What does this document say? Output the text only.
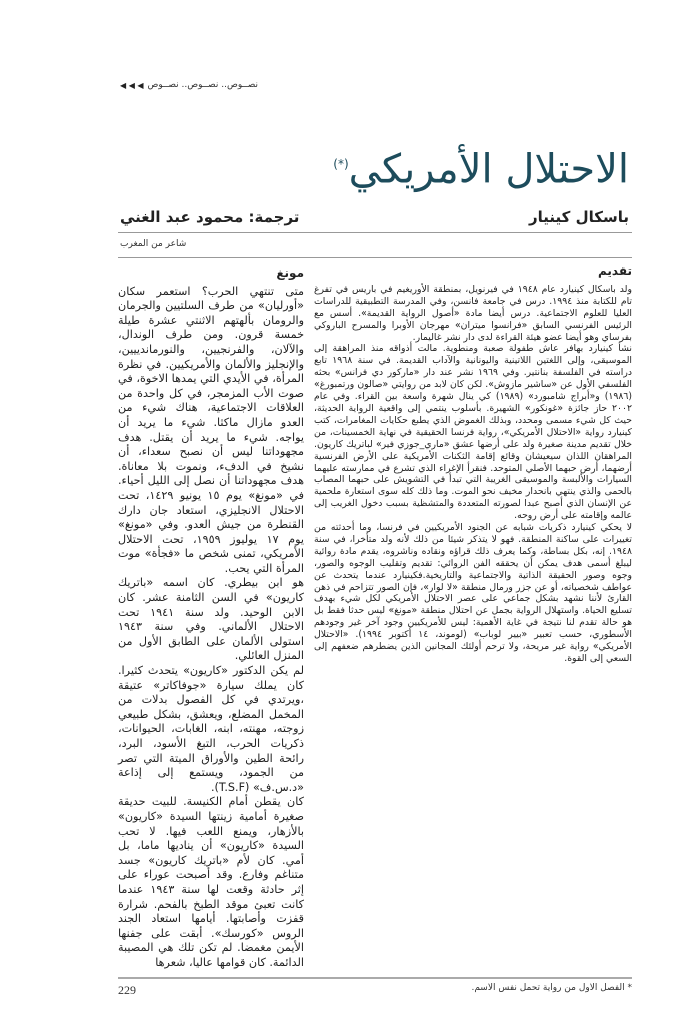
نصــوص.. نصــوص.. نصــوص
◀ ◀ ◀
الاحتلال الأمريكي(*)
باسكال كينيار
ترجمة: محمود عبد الغني
شاعر من المغرب
تقديم

ولد باسكال كينيارد عام ١٩٤٨ في فيرنويل، بمنطقة الأوريغيم في باريس في تفرغ تام للكتابة منذ ١٩٩٤. درس في جامعة فانسن، وفي المدرسة التطبيقية للدراسات العليا للعلوم الاجتماعية. درس أيضا مادة «أصول الرواية القديمة». أسس مع الرئيس الفرنسي السابق «فرانسوا ميتران» مهرجان الأوبرا والمسرح الباروكي بفرساي وهو أيضا عضو هيئة القراءة لدى دار نشر غاليمار.

نشأ كينيارد بهافر عاش طفولة صعبة ومنطوية. مالت أذواقه منذ المراهقة إلى الموسيقى، وإلى اللغتين اللاتينية واليونانية والآداب القديمة. في سنة ١٩٦٨ تابع دراسته في الفلسفة بنانتير. وفي ١٩٦٩ نشر عند دار «ماركور دي فرانس» بحثه الفلسفي الأول عن «ساشير مازوش». لكن كان لابد من روايتي «صالون ورتمبورغ» (١٩٨٦) و«أبراج شامبورد» (١٩٨٩) كي ينال شهرة واسعة بين القراء. وفي عام ٢٠٠٢ حاز جائزة «غونكور» الشهيرة. بأسلوب ينتمي إلى واقعية الرواية الحديثة، حيث كل شيء مسمى ومحدد، وبذلك الغموض الذي يطبع حكايات المغامرات، كتب كينيارد رواية «الاحتلال الأمريكي»، رواية فرنسا الحقيقية في نهاية الخمسينات، من خلال تقديم مدينة صغيرة ولد على أرضها عشق «ماري_جوزي فير» لباتريك كاريون. المراهقان اللذان سيعيشان وقائع إقامة الثكنات الأمريكية على الأرض الفرنسية أرضهما، أرض حبهما الأصلي المتوحد. فنقرأ الإغراء الذي تشرع في ممارسته عليهما السيارات والألبسة والموسيقى الغريبة التي تبدأ في التشويش على حبهما المصاب بالحمى والذي ينتهي بانحدار مخيف نحو الموت. وما ذلك كله سوى استعارة ملحمية عن الإنسان الذي أصبح عبدا لصورته المتعددة والمتشظية بسبب دخول الغريب إلى عالمه وإقامته على أرض روحه.

لا يحكي كينيارد ذكريات شبابه عن الجنود الأمريكيين في فرنسا، وما أحدثته من تغييرات على ساكنة المنطقة. فهو لا يتذكر شيئا من ذلك لأنه ولد متأخرا، في سنة ١٩٤٨. إنه، بكل بساطة، وكما يعرف ذلك قراؤه ونقاده وناشروه، يقدم مادة روائية ليبلغ أسمى هدف يمكن أن يحققه الفن الروائي: تقديم وتقليب الوجوه والصور، وجوه وصور الحقيقة الذاتية والاجتماعية والتاريخية.فكينيارد عندما يتحدث عن عواطف شخصياته، أو عن جزر ورمال منطقة «لا لوار»، فإن الصور تتزاحم في ذهن القارئ لأننا نشهد بشكل جماعي على عصر الاحتلال الأمريكي لكل شيء بهدف تسليع الحياة. واستهلال الرواية بجمل عن احتلال منطقة «مونغ» ليس حدثا فقط بل هو حالة تقدم لنا نتيجة في غاية الأهمية: ليس للأمريكيين وجود آخر غير وجودهم الأسطوري، حسب تعبير «بيير لوباب» (لوموند، ١٤ أكتوبر ١٩٩٤). «الاحتلال الأمريكي» رواية غير مريحة، ولا ترحم أولئك المجانين الذين يضطرهم ضعفهم إلى السعي إلى القوة.

مونغ

متى تنتهي الحرب؟ استعمر سكان «أورليان» من طرف السلتيين والجرمان والرومان بألهتهم الاثنتي عشرة طيلة خمسة قرون. ومن طرف الوندال، والآلان، والفرنجيين، والنورماندييين، والإنجليز والألمان والأمريكيين. في نظرة المرأة، في الأيدي التي يمدها الاخوة، في صوت الأب المزمجر، في كل واحدة من العلاقات الاجتماعية، هناك شيء من العدو مازال ماكثا. شيء ما يريد أن يواجه. شيء ما يريد أن يقتل. هدف مجهوداتنا ليس أن نصبح سعداء، أن نشيخ في الدفء، ونموت بلا معاناة. هدف مجهوداتنا أن نصل إلى الليل أحياء. في «مونغ» يوم ١٥ يونيو ١٤٢٩، تحت الاحتلال الانجليزي، استعاد جان دارك القنطرة من جيش العدو. وفي «مونغ» يوم ١٧ يوليوز ١٩٥٩، تحت الاحتلال الأمريكي، تمنى شخص ما «فجأة» موت المرأة التي يحب.

هو ابن بيطري. كان اسمه «باتريك كاريون» في السن الثامنة عشر. كان الابن الوحيد. ولد سنة ١٩٤١ تحت الاحتلال الألماني. وفي سنة ١٩٤٣ استولى الألمان على الطابق الأول من المنزل العائلي.

لم يكن الدكتور «كاريون» يتحدث كثيرا. كان يملك سيارة «جوفاكاتر» عتيقة ،ويرتدي في كل الفصول بدلات من المخمل المضلع، ويعشق، بشكل طبيعي زوجته، مهنته، ابنه، الغابات، الحيوانات، ذكريات الحرب، التبغ الأسود، البرد، رائحة الطين والأوراق الميتة التي تصر من الجمود، ويستمع إلى إذاعة «د.س.ف» (T.S.F).

كان يقطن أمام الكنيسة. للبيت حديقة صغيرة أمامية زينتها السيدة «كاريون» بالأزهار، ويمنع اللعب فيها. لا تحب السيدة «كاريون» أن يناديها ماما، بل أمي. كان لأم «باتريك كاريون» جسد متناغم وفارع. وقد أصبحت عوراء على إثر حادثة وقعت لها سنة ١٩٤٣ عندما كانت تعبئ موقد الطبخ بالفحم. شرارة قفزت وأصابتها. أيامها استعاد الجند الروس «كورسك». أبقت على جفنها الأيمن مغمضا. لم تكن تلك هي المصيبة الدائمة. كان قوامها عاليا، شعرها

229	* الفصل الاول من رواية تحمل نفس الاسم.
